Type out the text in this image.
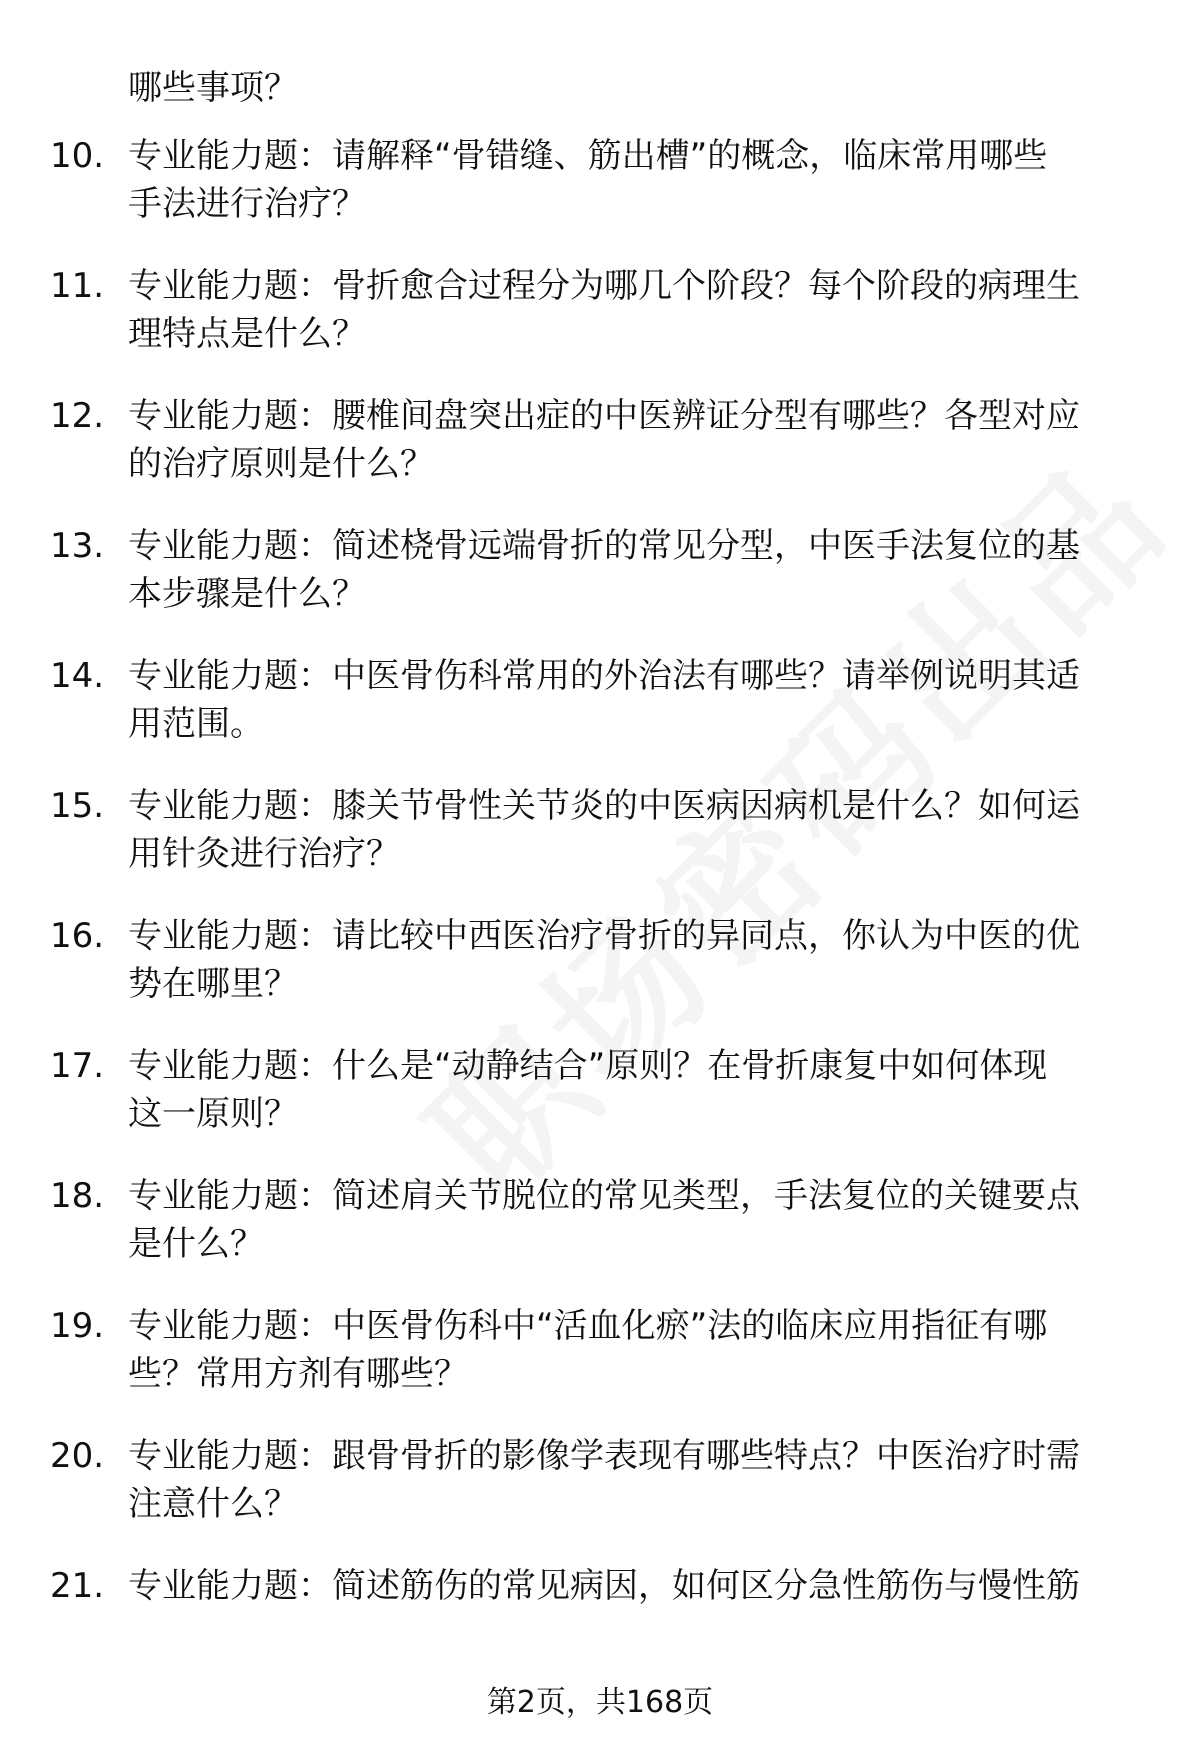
哪些事项？
10. 专业能力题：请解释“骨错缝、筋出槽”的概念，临床常用哪些
手法进行治疗？
11. 专业能力题：骨折愈合过程分为哪几个阶段？每个阶段的病理生
理特点是什么？
12. 专业能力题：腰椎间盘突出症的中医辨证分型有哪些？各型对应
的治疗原则是什么？
13. 专业能力题：简述桡骨远端骨折的常见分型，中医手法复位的基
本步骤是什么？
14. 专业能力题：中医骨伤科常用的外治法有哪些？请举例说明其适
用范围。
15. 专业能力题：膝关节骨性关节炎的中医病因病机是什么？如何运
用针灸进行治疗？
16. 专业能力题：请比较中西医治疗骨折的异同点，你认为中医的优
势在哪里？
17. 专业能力题：什么是“动静结合”原则？在骨折康复中如何体现
这一原则？
18. 专业能力题：简述肩关节脱位的常见类型，手法复位的关键要点
是什么？
19. 专业能力题：中医骨伤科中“活血化瘀”法的临床应用指征有哪
些？常用方剂有哪些？
20. 专业能力题：跟骨骨折的影像学表现有哪些特点？中医治疗时需
注意什么？
21. 专业能力题：简述筋伤的常见病因，如何区分急性筋伤与慢性筋
第2页，共168页
